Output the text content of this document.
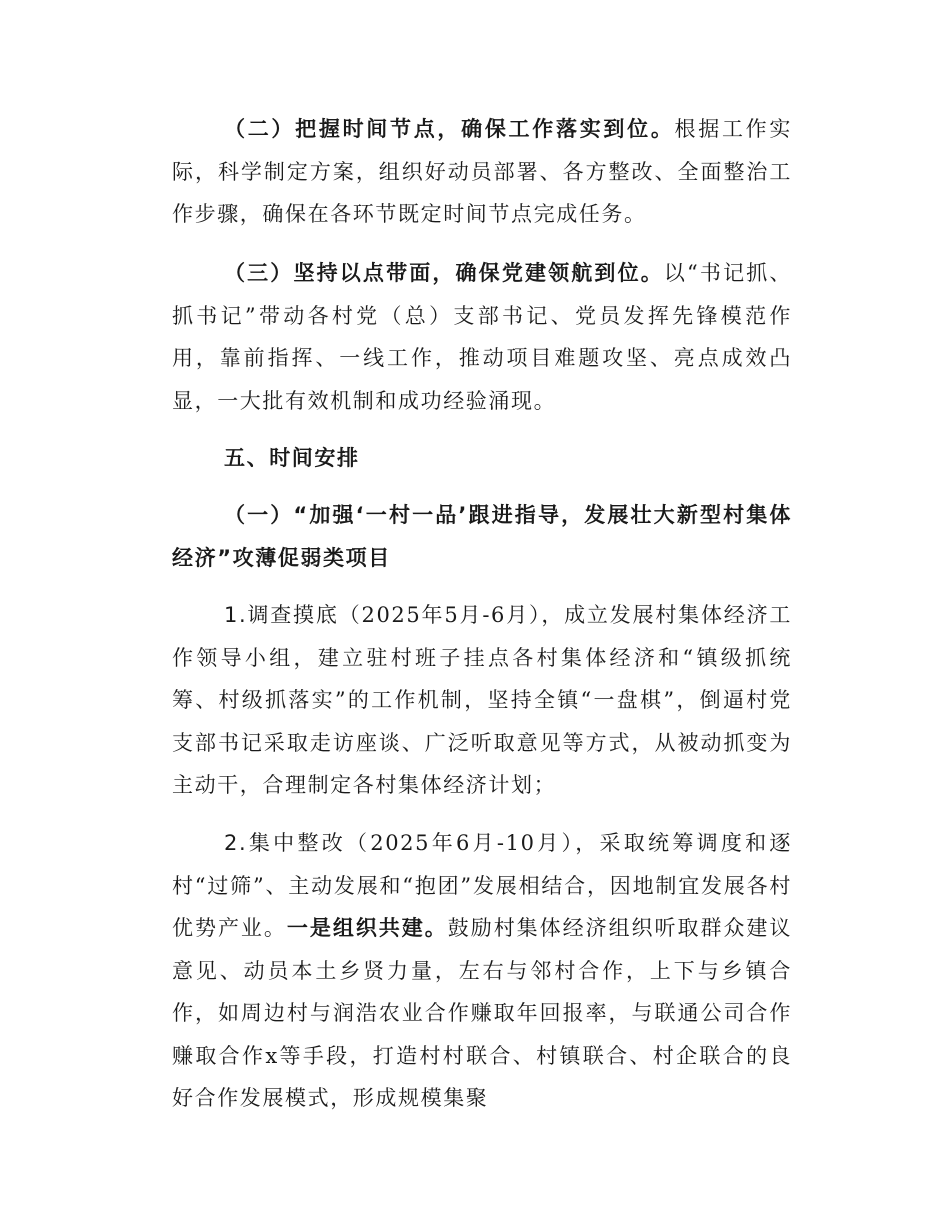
（二）把握时间节点，确保工作落实到位。根据工作实际，科学制定方案，组织好动员部署、各方整改、全面整治工作步骤，确保在各环节既定时间节点完成任务。

（三）坚持以点带面，确保党建领航到位。以“书记抓、抓书记”带动各村党（总）支部书记、党员发挥先锋模范作用，靠前指挥、一线工作，推动项目难题攻坚、亮点成效凸显，一大批有效机制和成功经验涌现。

五、时间安排

（一）“加强‘一村一品’跟进指导，发展壮大新型村集体经济”攻薄促弱类项目

1.调查摸底（2025年5月-6月），成立发展村集体经济工作领导小组，建立驻村班子挂点各村集体经济和“镇级抓统筹、村级抓落实”的工作机制，坚持全镇“一盘棋”，倒逼村党支部书记采取走访座谈、广泛听取意见等方式，从被动抓变为主动干，合理制定各村集体经济计划；

2.集中整改（2025年6月-10月），采取统筹调度和逐村“过筛”、主动发展和“抱团”发展相结合，因地制宜发展各村优势产业。一是组织共建。鼓励村集体经济组织听取群众建议意见、动员本土乡贤力量，左右与邻村合作，上下与乡镇合作，如周边村与润浩农业合作赚取年回报率，与联通公司合作赚取合作x等手段，打造村村联合、村镇联合、村企联合的良好合作发展模式，形成规模集聚
